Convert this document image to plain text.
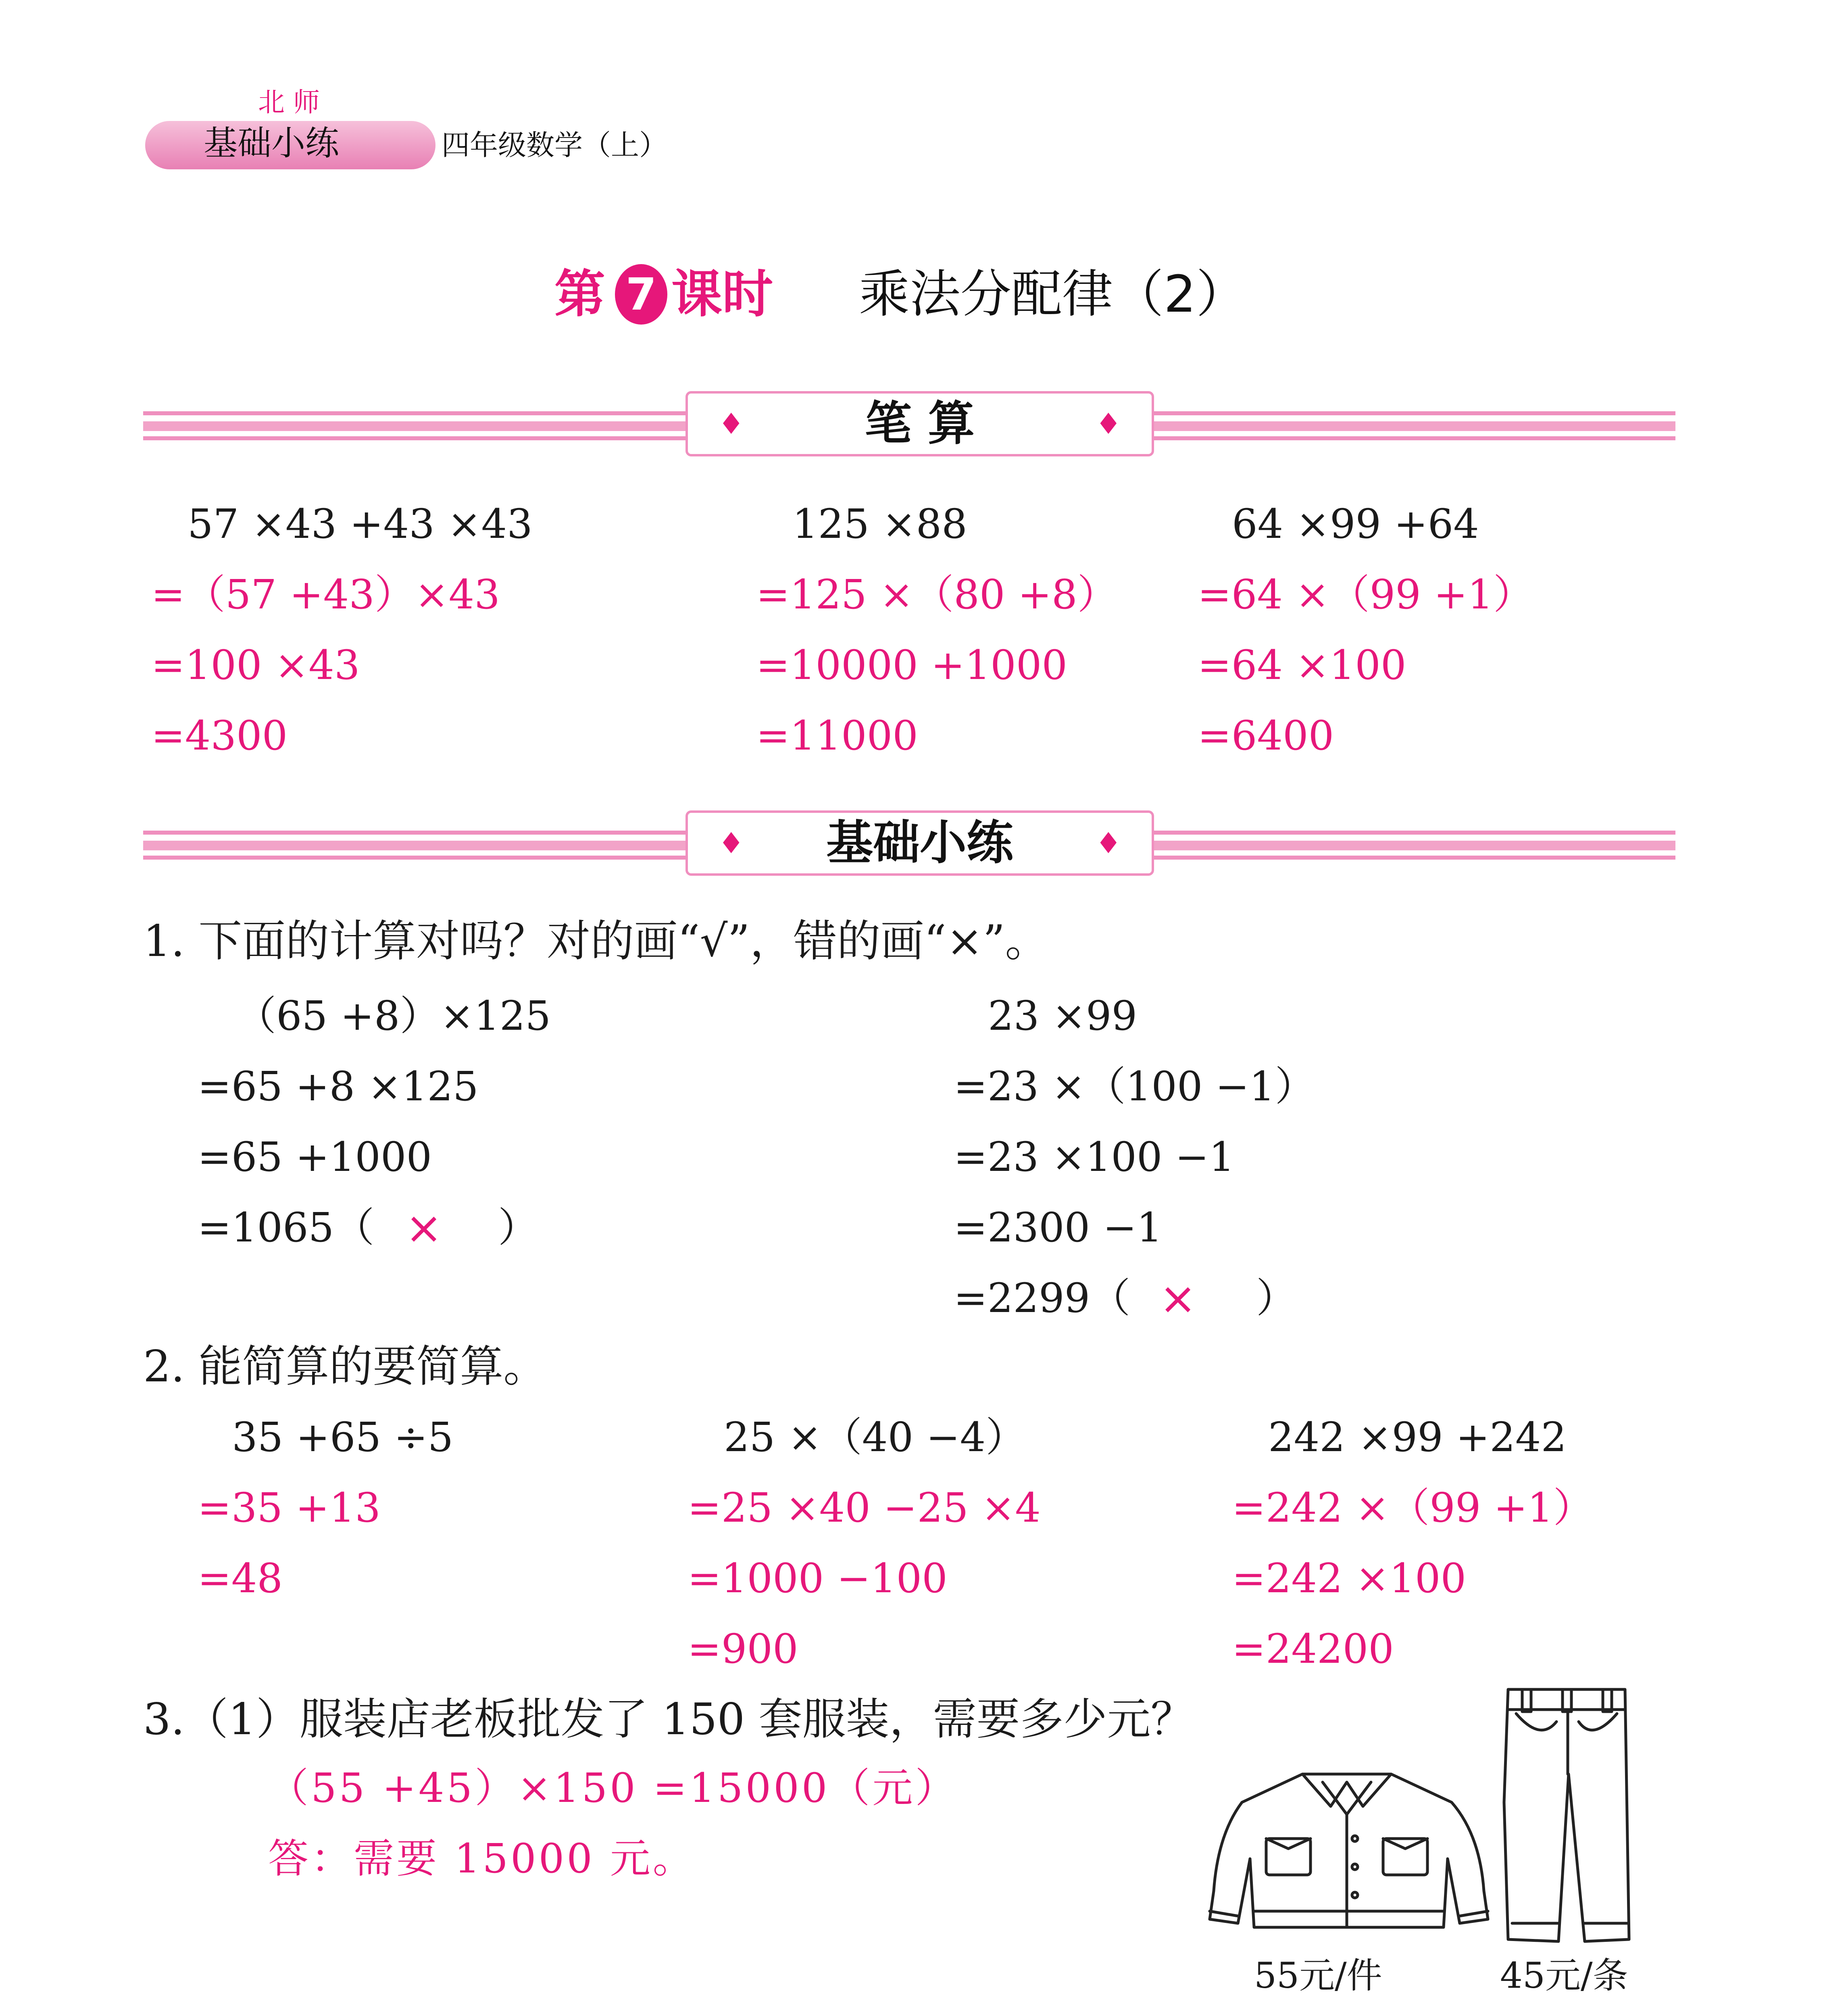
北 师
基础小练	四年级数学（上）
第 7 课时 乘法分配律（2）
♦	笔 算	♦
57 ×43 +43 ×43
=（57 +43）×43
=100 ×43
=4300
125 ×88
=125 ×（80 +8）
=10000 +1000
=11000
64 ×99 +64
=64 ×（99 +1）
=64 ×100
=6400
♦	基础小练	♦
1. 下面的计算对吗？对的画“√”，错的画“×”。
（65 +8）×125
=65 +8 ×125
=65 +1000
=1065（ × ）
23 ×99
=23 ×（100 −1）
=23 ×100 −1
=2300 −1
=2299（ × ）
2. 能简算的要简算。
35 +65 ÷5
=35 +13
=48
25 ×（40 −4）
=25 ×40 −25 ×4
=1000 −100
=900
242 ×99 +242
=242 ×（99 +1）
=242 ×100
=24200
3.（1）服装店老板批发了 150 套服装，需要多少元？
（55 +45）×150 =15000（元）
答：需要 15000 元。
55元/件	45元/条
